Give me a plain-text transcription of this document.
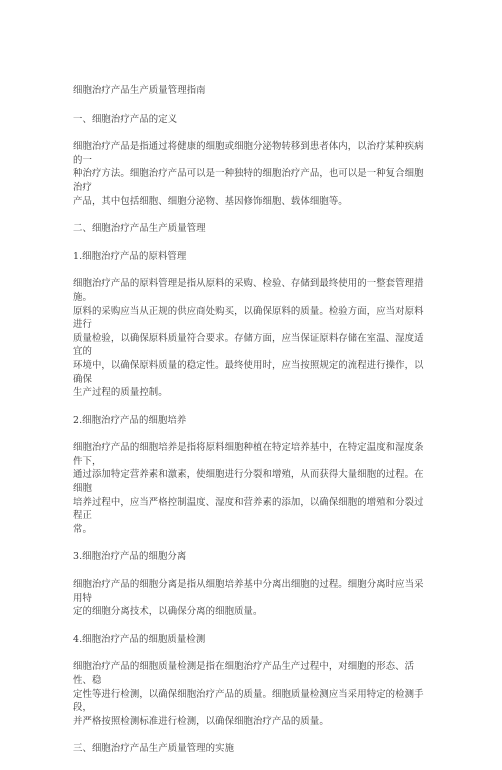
细胞治疗产品生产质量管理指南

一、细胞治疗产品的定义

细胞治疗产品是指通过将健康的细胞或细胞分泌物转移到患者体内，以治疗某种疾病的一
种治疗方法。细胞治疗产品可以是一种独特的细胞治疗产品，也可以是一种复合细胞治疗
产品，其中包括细胞、细胞分泌物、基因修饰细胞、载体细胞等。

二、细胞治疗产品生产质量管理

1.细胞治疗产品的原料管理

细胞治疗产品的原料管理是指从原料的采购、检验、存储到最终使用的一整套管理措施。
原料的采购应当从正规的供应商处购买，以确保原料的质量。检验方面，应当对原料进行
质量检验，以确保原料质量符合要求。存储方面，应当保证原料存储在室温、湿度适宜的
环境中，以确保原料质量的稳定性。最终使用时，应当按照规定的流程进行操作，以确保
生产过程的质量控制。

2.细胞治疗产品的细胞培养

细胞治疗产品的细胞培养是指将原料细胞种植在特定培养基中，在特定温度和湿度条件下，
通过添加特定营养素和激素，使细胞进行分裂和增殖，从而获得大量细胞的过程。在细胞
培养过程中，应当严格控制温度、湿度和营养素的添加，以确保细胞的增殖和分裂过程正
常。

3.细胞治疗产品的细胞分离

细胞治疗产品的细胞分离是指从细胞培养基中分离出细胞的过程。细胞分离时应当采用特
定的细胞分离技术，以确保分离的细胞质量。

4.细胞治疗产品的细胞质量检测

细胞治疗产品的细胞质量检测是指在细胞治疗产品生产过程中，对细胞的形态、活性、稳
定性等进行检测，以确保细胞治疗产品的质量。细胞质量检测应当采用特定的检测手段，
并严格按照检测标准进行检测，以确保细胞治疗产品的质量。

三、细胞治疗产品生产质量管理的实施
